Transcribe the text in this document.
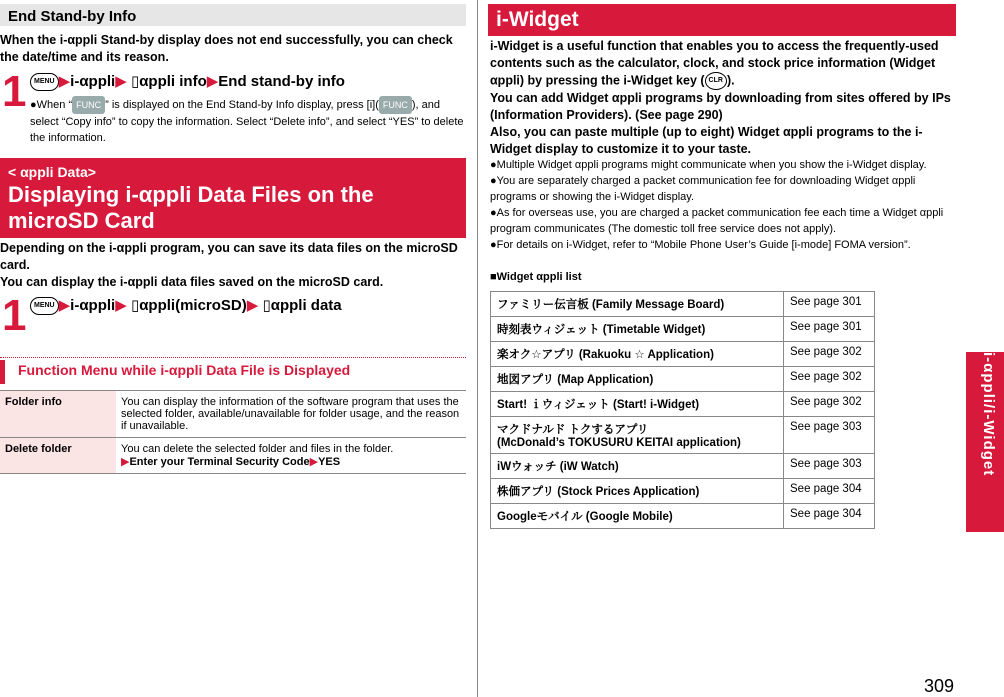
End Stand-by Info
When the i-αppli Stand-by display does not end successfully, you can check the date/time and its reason.
1	MENU ▶i-αppli▶ ▯αppli info▶End stand-by info
●When “ FUNC ” is displayed on the End Stand-by Info display, press [i]( FUNC ), and select “Copy info” to copy the information. Select “Delete info”, and select “YES” to delete the information.
< αppli Data>
Displaying i-αppli Data Files on the microSD Card
Depending on the i-αppli program, you can save its data files on the microSD card.
You can display the i-αppli data files saved on the microSD card.
1	MENU ▶i-αppli▶ ▯αppli(microSD)▶ ▯αppli data
Function Menu while i-αppli Data File is Displayed
Folder info	You can display the information of the software program that uses the selected folder, available/unavailable for folder usage, and the reason if unavailable.
Delete folder	You can delete the selected folder and files in the folder.
▶Enter your Terminal Security Code▶YES
i-Widget
i-Widget is a useful function that enables you to access the frequently-used contents such as the calculator, clock, and stock price information (Widget αppli) by pressing the i-Widget key ( CLR ).
You can add Widget αppli programs by downloading from sites offered by IPs (Information Providers). (See page 290)
Also, you can paste multiple (up to eight) Widget αppli programs to the i-Widget display to customize it to your taste.
●Multiple Widget αppli programs might communicate when you show the i-Widget display.
●You are separately charged a packet communication fee for downloading Widget αppli programs or showing the i-Widget display.
●As for overseas use, you are charged a packet communication fee each time a Widget αppli program communicates (The domestic toll free service does not apply).
●For details on i-Widget, refer to “Mobile Phone User’s Guide [i-mode] FOMA version”.
■Widget αppli list
ファミリー伝言板 (Family Message Board)	See page 301
時刻表ウィジェット (Timetable Widget)	See page 301
楽オク☆アプリ (Rakuoku ☆ Application)	See page 302
地図アプリ (Map Application)	See page 302
Start! ｉウィジェット (Start! i-Widget)	See page 302

マクドナルド トクするアプリ
(McDonald’s TOKUSURU KEITAI application)	See page 303
iWウォッチ (iW Watch)	See page 303
株価アプリ (Stock Prices Application)	See page 304
Googleモバイル (Google Mobile)	See page 304
i-αppli/i-Widget
309
